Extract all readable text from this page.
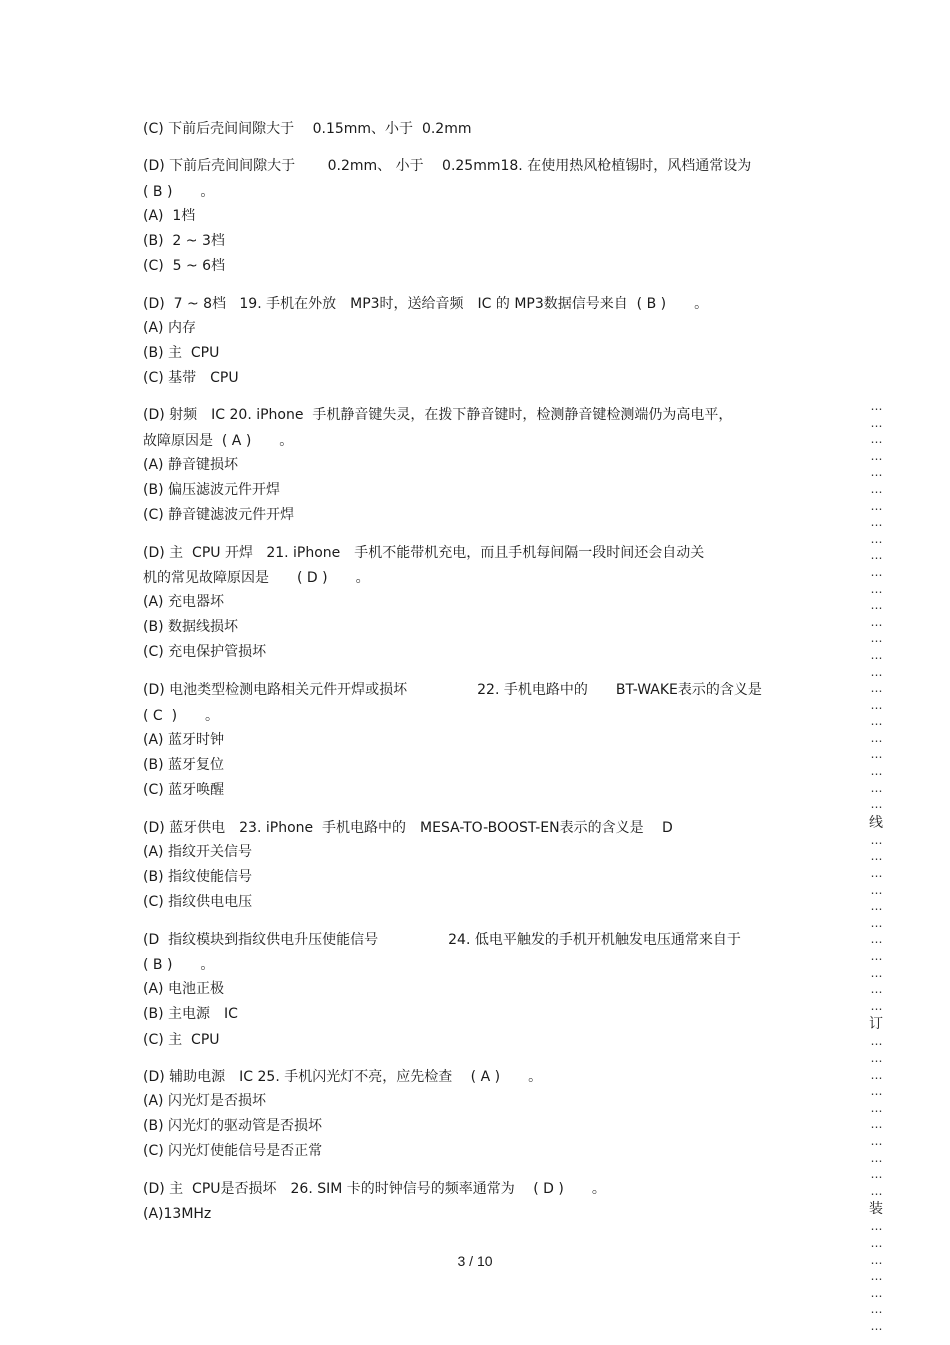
(C) 下前后壳间间隙大于　 0.15mm、小于  0.2mm
(D) 下前后壳间间隙大于　　 0.2mm、 小于　 0.25mm18. 在使用热风枪植锡时，风档通常设为
( B )　　。
(A)  1档
(B)  2 ~ 3档
(C)  5 ~ 6档
(D)  7 ~ 8档   19. 手机在外放　MP3时，送给音频　IC 的 MP3数据信号来自  ( B )　　。
(A) 内存
(B) 主  CPU
(C) 基带　CPU
(D) 射频　IC 20. iPhone  手机静音键失灵，在拨下静音键时，检测静音键检测端仍为高电平，
故障原因是  ( A )　　。
(A) 静音键损坏
(B) 偏压滤波元件开焊
(C) 静音键滤波元件开焊
(D) 主  CPU 开焊   21. iPhone　手机不能带机充电，而且手机每间隔一段时间还会自动关
机的常见故障原因是　　( D )　　。
(A) 充电器坏
(B) 数据线损坏
(C) 充电保护管损坏
(D) 电池类型检测电路相关元件开焊或损坏　　　　　22. 手机电路中的　　BT-WAKE表示的含义是
( C  )　　。
(A) 蓝牙时钟
(B) 蓝牙复位
(C) 蓝牙唤醒
(D) 蓝牙供电　23. iPhone  手机电路中的　MESA-TO-BOOST-EN表示的含义是　 D
(A) 指纹开关信号
(B) 指纹使能信号
(C) 指纹供电电压
(D  指纹模块到指纹供电升压使能信号　　　　　24. 低电平触发的手机开机触发电压通常来自于
( B )　　。
(A) 电池正极
(B) 主电源　IC
(C) 主  CPU
(D) 辅助电源　IC 25. 手机闪光灯不亮，应先检查　 ( A )　　。
(A) 闪光灯是否损坏
(B) 闪光灯的驱动管是否损坏
(C) 闪光灯使能信号是否正常
(D) 主  CPU是否损坏　26. SIM 卡的时钟信号的频率通常为　 ( D )　　。
(A)13MHz
3 / 10
…
…
…
…
…
…
…
…
…
…
…
…
…
…
…
…
…
…
…
…
…
…
…
…
…
线
…
…
…
…
…
…
…
…
…
…
…
订
…
…
…
…
…
…
…
…
…
…
装
…
…
…
…
…
…
…
